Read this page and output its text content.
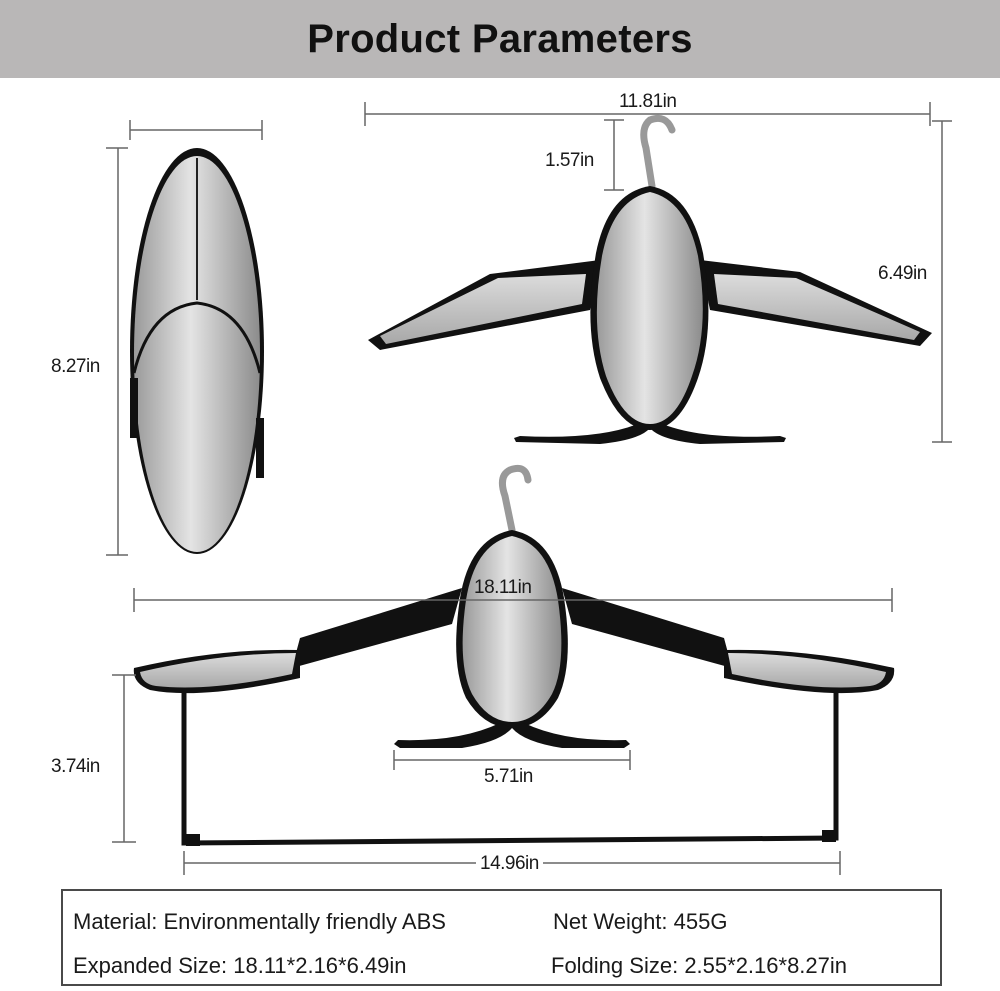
Product Parameters
8.27in
11.81in
1.57in
6.49in
18.11in
5.71in
3.74in
14.96in
Material: Environmentally friendly ABS	Net Weight: 455G
Expanded Size: 18.11*2.16*6.49in	Folding Size: 2.55*2.16*8.27in
